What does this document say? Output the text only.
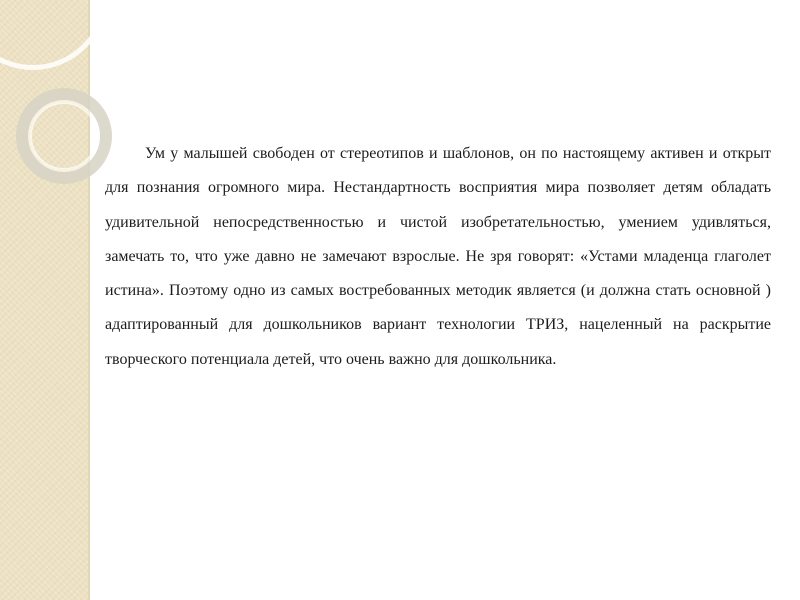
Ум у малышей свободен от стереотипов и шаблонов, он по настоящему активен и открыт для познания огромного мира. Нестандартность восприятия мира позволяет детям обладать удивительной непосредственностью и чистой изобретательностью, умением удивляться, замечать то, что уже давно не замечают взрослые. Не зря говорят: «Устами младенца глаголет истина». Поэтому одно из самых востребованных методик является (и должна стать основной ) адаптированный для дошкольников вариант технологии ТРИЗ, нацеленный на раскрытие творческого потенциала детей, что очень важно для дошкольника.
